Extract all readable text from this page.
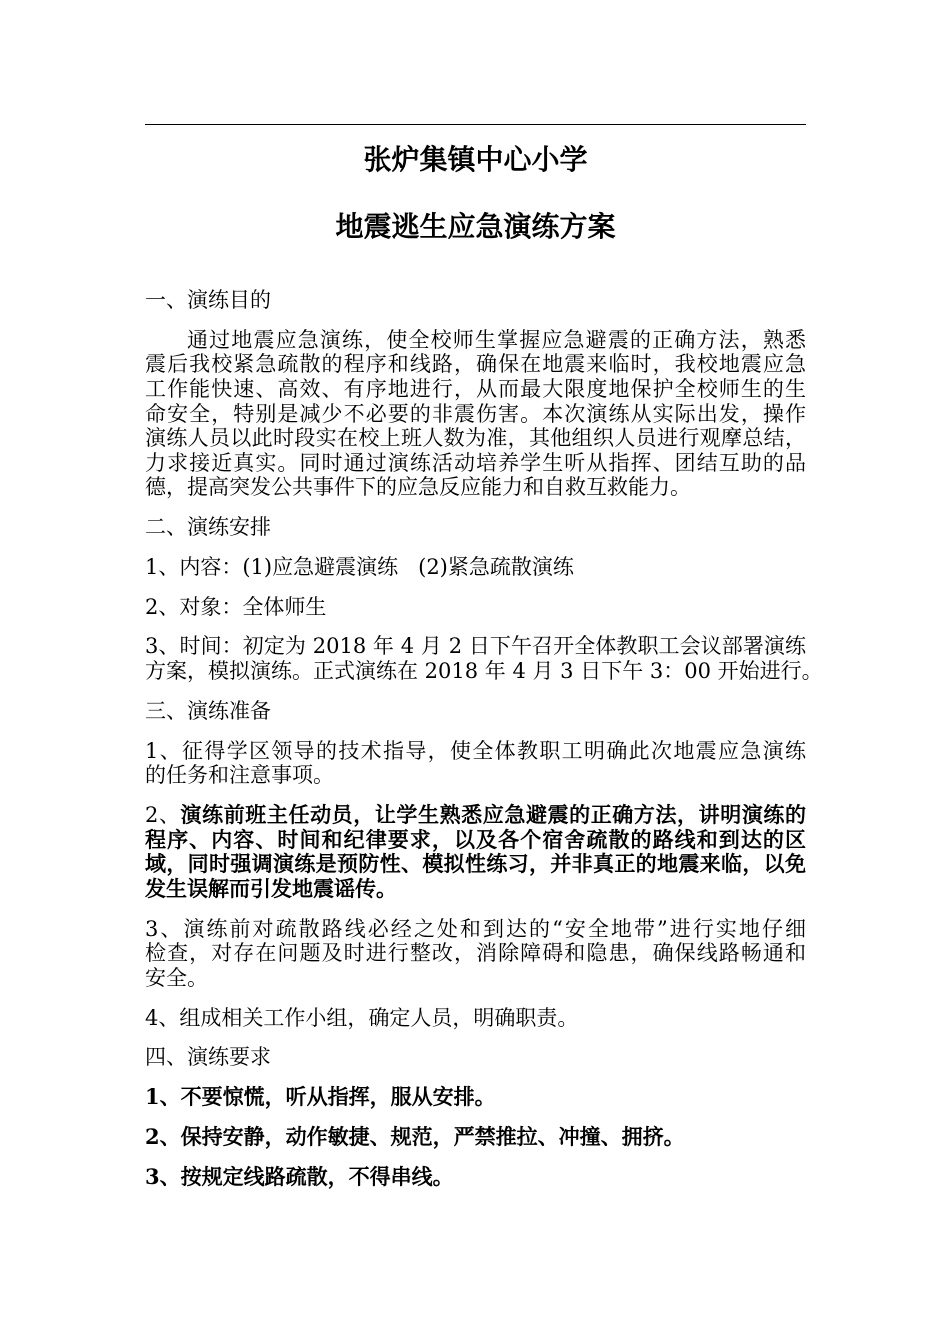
张炉集镇中心小学
地震逃生应急演练方案
一、演练目的
通过地震应急演练，使全校师生掌握应急避震的正确方法，熟悉
震后我校紧急疏散的程序和线路，确保在地震来临时，我校地震应急
工作能快速、高效、有序地进行，从而最大限度地保护全校师生的生
命安全，特别是减少不必要的非震伤害。本次演练从实际出发，操作
演练人员以此时段实在校上班人数为准，其他组织人员进行观摩总结，
力求接近真实。同时通过演练活动培养学生听从指挥、团结互助的品
德，提高突发公共事件下的应急反应能力和自救互救能力。
二、演练安排
1、内容：(1)应急避震演练   (2)紧急疏散演练
2、对象：全体师生
3、时间：初定为 2018 年 4 月 2 日下午召开全体教职工会议部署演练
方案，模拟演练。正式演练在 2018 年 4 月 3 日下午 3：00 开始进行。
三、演练准备
1、征得学区领导的技术指导，使全体教职工明确此次地震应急演练
的任务和注意事项。
2、演练前班主任动员，让学生熟悉应急避震的正确方法，讲明演练的
程序、内容、时间和纪律要求，以及各个宿舍疏散的路线和到达的区
域，同时强调演练是预防性、模拟性练习，并非真正的地震来临，以免
发生误解而引发地震谣传。
3、演练前对疏散路线必经之处和到达的“安全地带”进行实地仔细
检查，对存在问题及时进行整改，消除障碍和隐患，确保线路畅通和
安全。
4、组成相关工作小组，确定人员，明确职责。
四、演练要求
1、不要惊慌，听从指挥，服从安排。
2、保持安静，动作敏捷、规范，严禁推拉、冲撞、拥挤。
3、按规定线路疏散，不得串线。
